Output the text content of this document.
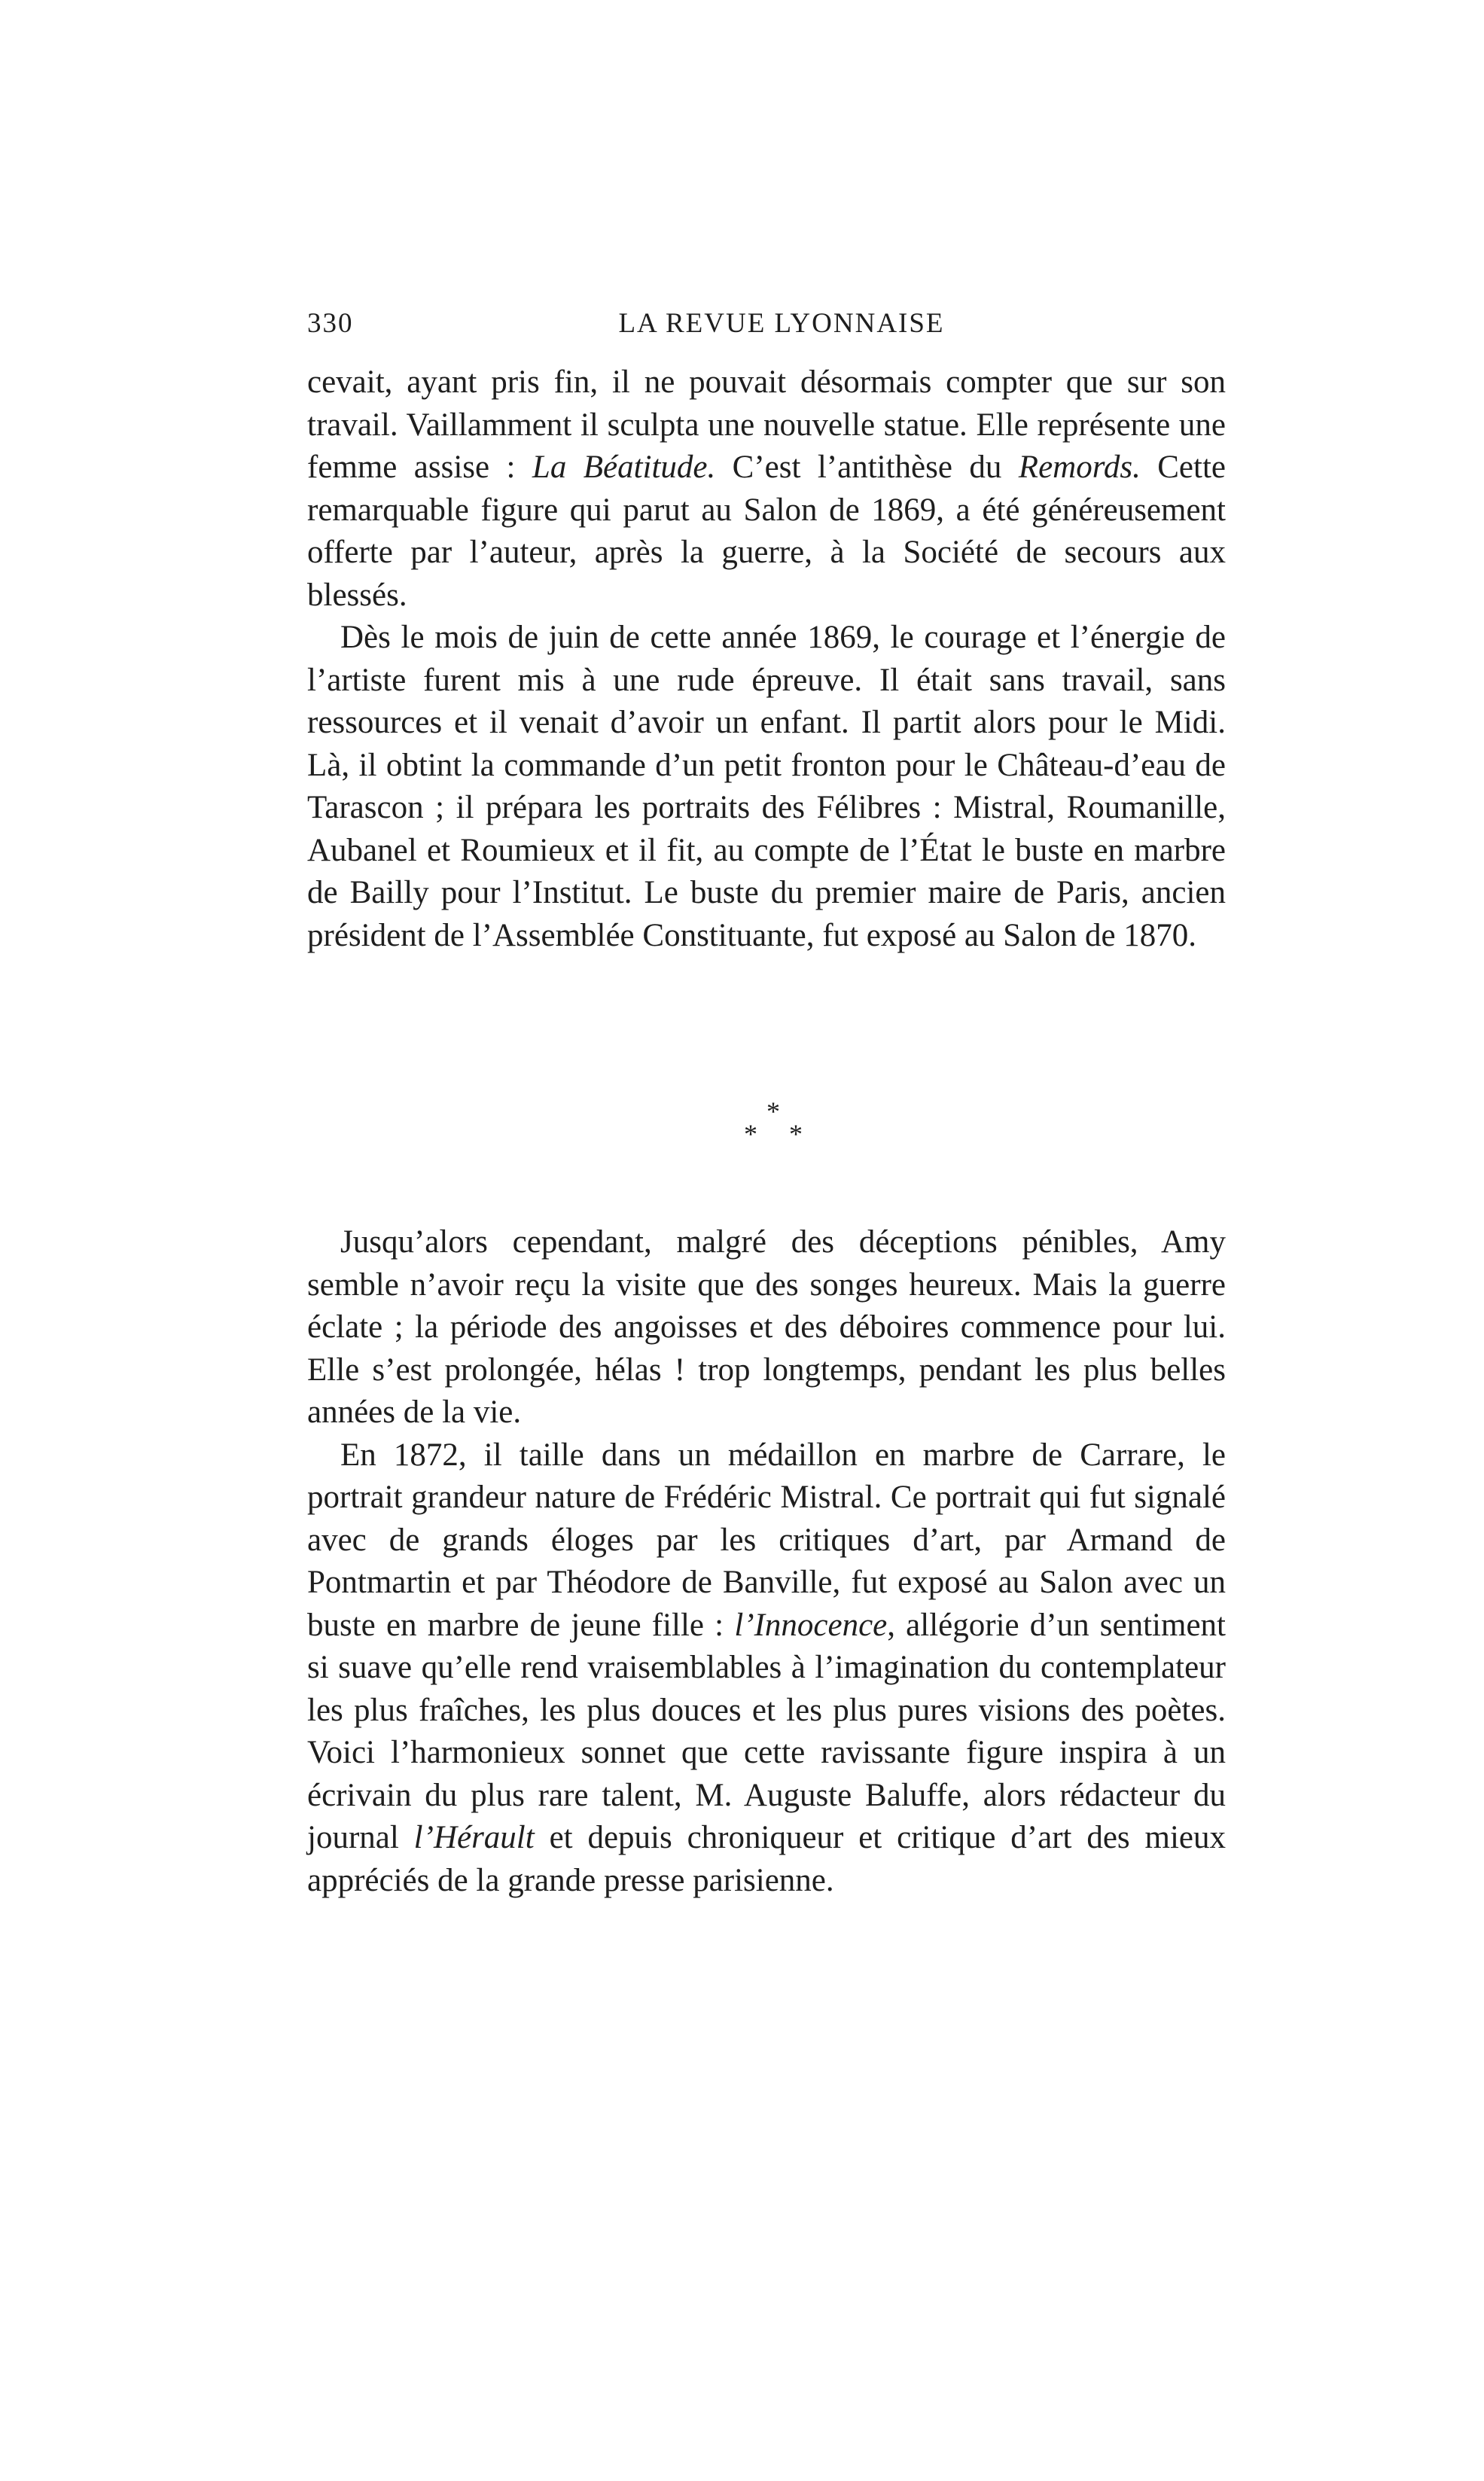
330	LA REVUE LYONNAISE

cevait, ayant pris fin, il ne pouvait désormais compter que sur son travail. Vaillamment il sculpta une nouvelle statue. Elle représente une femme assise : La Béatitude. C’est l’antithèse du Remords. Cette remarquable figure qui parut au Salon de 1869, a été généreusement offerte par l’auteur, après la guerre, à la Société de secours aux blessés.

Dès le mois de juin de cette année 1869, le courage et l’énergie de l’artiste furent mis à une rude épreuve. Il était sans travail, sans ressources et il venait d’avoir un enfant. Il partit alors pour le Midi. Là, il obtint la commande d’un petit fronton pour le Château-d’eau de Tarascon ; il prépara les portraits des Félibres : Mistral, Roumanille, Aubanel et Roumieux et il fit, au compte de l’État le buste en marbre de Bailly pour l’Institut. Le buste du premier maire de Paris, ancien président de l’Assemblée Constituante, fut exposé au Salon de 1870.

*
* *

Jusqu’alors cependant, malgré des déceptions pénibles, Amy semble n’avoir reçu la visite que des songes heureux. Mais la guerre éclate ; la période des angoisses et des déboires commence pour lui. Elle s’est prolongée, hélas ! trop longtemps, pendant les plus belles années de la vie.

En 1872, il taille dans un médaillon en marbre de Carrare, le portrait grandeur nature de Frédéric Mistral. Ce portrait qui fut signalé avec de grands éloges par les critiques d’art, par Armand de Pontmartin et par Théodore de Banville, fut exposé au Salon avec un buste en marbre de jeune fille : l’Innocence, allégorie d’un sentiment si suave qu’elle rend vraisemblables à l’imagination du contemplateur les plus fraîches, les plus douces et les plus pures visions des poètes. Voici l’harmonieux sonnet que cette ravissante figure inspira à un écrivain du plus rare talent, M. Auguste Baluffe, alors rédacteur du journal l’Hérault et depuis chroniqueur et critique d’art des mieux appréciés de la grande presse parisienne.
